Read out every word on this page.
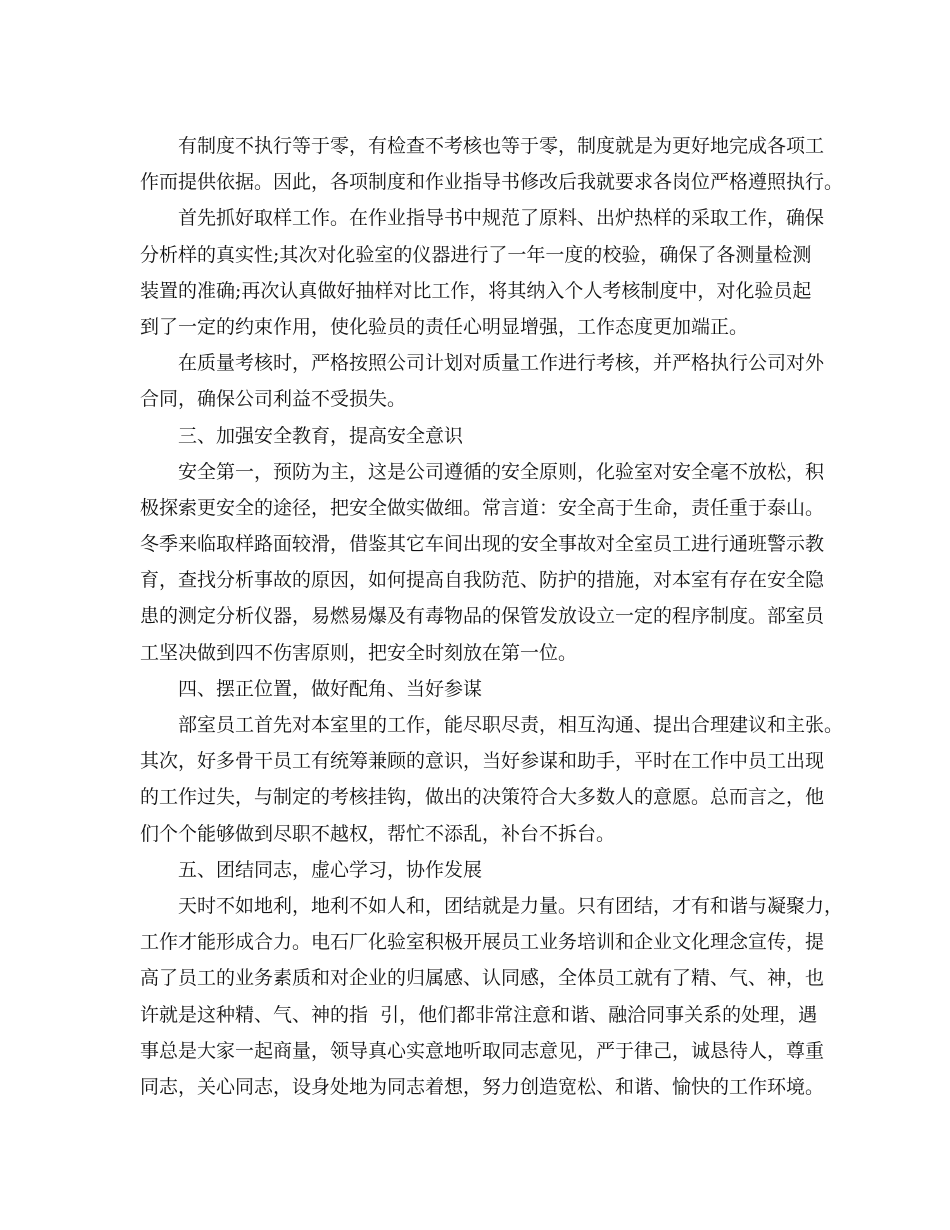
有制度不执行等于零，有检查不考核也等于零，制度就是为更好地完成各项工
作而提供依据。因此，各项制度和作业指导书修改后我就要求各岗位严格遵照执行。
首先抓好取样工作。在作业指导书中规范了原料、出炉热样的采取工作，确保
分析样的真实性;其次对化验室的仪器进行了一年一度的校验，确保了各测量检测
装置的准确;再次认真做好抽样对比工作，将其纳入个人考核制度中，对化验员起
到了一定的约束作用，使化验员的责任心明显增强，工作态度更加端正。
在质量考核时，严格按照公司计划对质量工作进行考核，并严格执行公司对外
合同，确保公司利益不受损失。
三、加强安全教育，提高安全意识
安全第一，预防为主，这是公司遵循的安全原则，化验室对安全毫不放松，积
极探索更安全的途径，把安全做实做细。常言道：安全高于生命，责任重于泰山。
冬季来临取样路面较滑，借鉴其它车间出现的安全事故对全室员工进行通班警示教
育，查找分析事故的原因，如何提高自我防范、防护的措施，对本室有存在安全隐
患的测定分析仪器，易燃易爆及有毒物品的保管发放设立一定的程序制度。部室员
工坚决做到四不伤害原则，把安全时刻放在第一位。
四、摆正位置，做好配角、当好参谋
部室员工首先对本室里的工作，能尽职尽责，相互沟通、提出合理建议和主张。
其次，好多骨干员工有统筹兼顾的意识，当好参谋和助手，平时在工作中员工出现
的工作过失，与制定的考核挂钩，做出的决策符合大多数人的意愿。总而言之，他
们个个能够做到尽职不越权，帮忙不添乱，补台不拆台。
五、团结同志，虚心学习，协作发展
天时不如地利，地利不如人和，团结就是力量。只有团结，才有和谐与凝聚力，
工作才能形成合力。电石厂化验室积极开展员工业务培训和企业文化理念宣传，提
高了员工的业务素质和对企业的归属感、认同感，全体员工就有了精、气、神，也
许就是这种精、气、神的指  引，他们都非常注意和谐、融洽同事关系的处理，遇
事总是大家一起商量，领导真心实意地听取同志意见，严于律己，诚恳待人，尊重
同志，关心同志，设身处地为同志着想，努力创造宽松、和谐、愉快的工作环境。
